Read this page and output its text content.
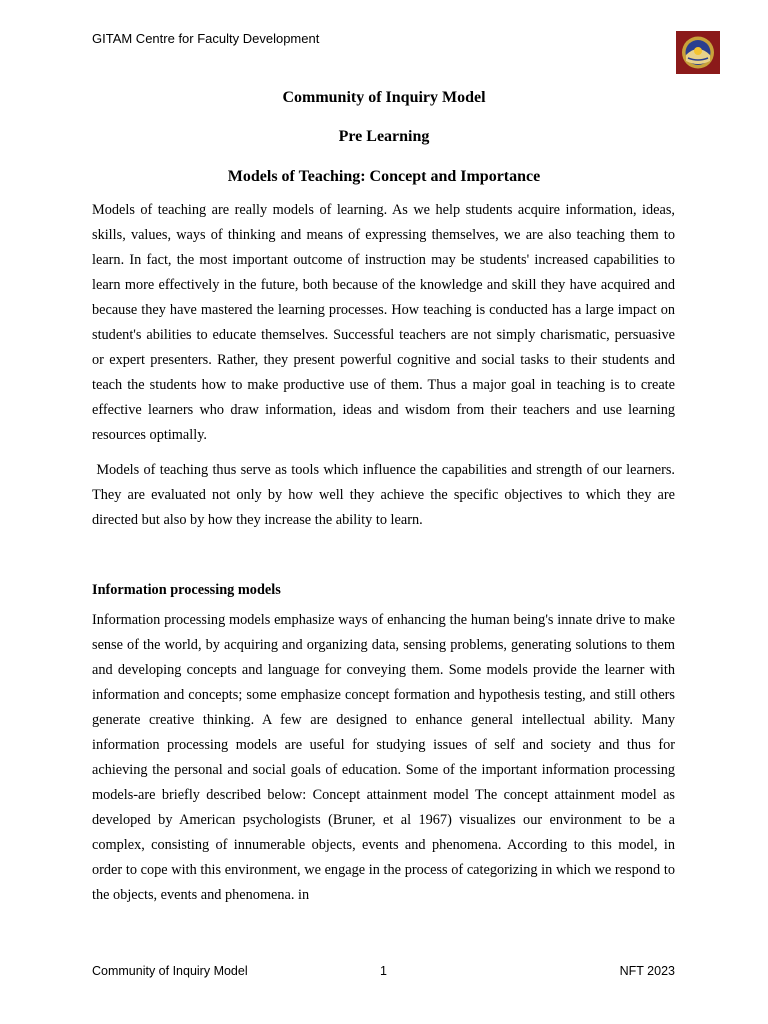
GITAM Centre for Faculty Development
Community of Inquiry Model
Pre Learning
Models of Teaching: Concept and Importance

Models of teaching are really models of learning. As we help students acquire information, ideas, skills, values, ways of thinking and means of expressing themselves, we are also teaching them to learn. In fact, the most important outcome of instruction may be students' increased capabilities to learn more effectively in the future, both because of the knowledge and skill they have acquired and because they have mastered the learning processes. How teaching is conducted has a large impact on student's abilities to educate themselves. Successful teachers are not simply charismatic, persuasive or expert presenters. Rather, they present powerful cognitive and social tasks to their students and teach the students how to make productive use of them. Thus a major goal in teaching is to create effective learners who draw information, ideas and wisdom from their teachers and use learning resources optimally.

Models of teaching thus serve as tools which influence the capabilities and strength of our learners. They are evaluated not only by how well they achieve the specific objectives to which they are directed but also by how they increase the ability to learn.

Information processing models

Information processing models emphasize ways of enhancing the human being's innate drive to make sense of the world, by acquiring and organizing data, sensing problems, generating solutions to them and developing concepts and language for conveying them. Some models provide the learner with information and concepts; some emphasize concept formation and hypothesis testing, and still others generate creative thinking. A few are designed to enhance general intellectual ability. Many information processing models are useful for studying issues of self and society and thus for achieving the personal and social goals of education. Some of the important information processing models-are briefly described below: Concept attainment model The concept attainment model as developed by American psychologists (Bruner, et al 1967) visualizes our environment to be a complex, consisting of innumerable objects, events and phenomena. According to this model, in order to cope with this environment, we engage in the process of categorizing in which we respond to the objects, events and phenomena. in

Community of Inquiry Model	1	NFT 2023
